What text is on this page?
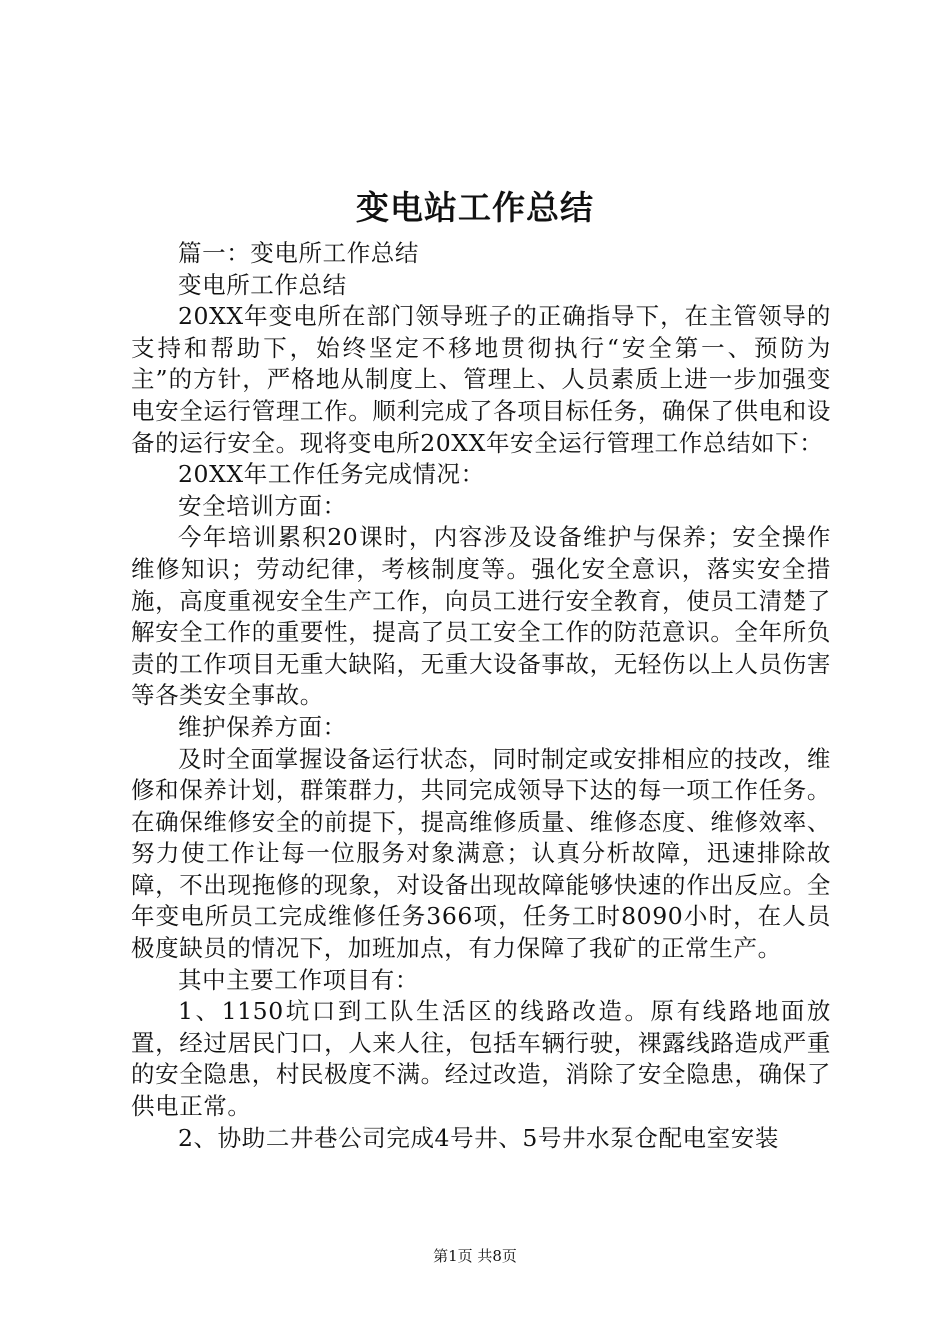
变电站工作总结

篇一：变电所工作总结

变电所工作总结

20XX年变电所在部门领导班子的正确指导下，在主管领导的支持和帮助下，始终坚定不移地贯彻执行“安全第一、预防为主”的方针，严格地从制度上、管理上、人员素质上进一步加强变电安全运行管理工作。顺利完成了各项目标任务，确保了供电和设备的运行安全。现将变电所20XX年安全运行管理工作总结如下：

20XX年工作任务完成情况：

安全培训方面：

今年培训累积20课时，内容涉及设备维护与保养；安全操作维修知识；劳动纪律，考核制度等。强化安全意识，落实安全措施，高度重视安全生产工作，向员工进行安全教育，使员工清楚了解安全工作的重要性，提高了员工安全工作的防范意识。全年所负责的工作项目无重大缺陷，无重大设备事故，无轻伤以上人员伤害等各类安全事故。

维护保养方面：

及时全面掌握设备运行状态，同时制定或安排相应的技改，维修和保养计划，群策群力，共同完成领导下达的每一项工作任务。在确保维修安全的前提下，提高维修质量、维修态度、维修效率、努力使工作让每一位服务对象满意；认真分析故障，迅速排除故障，不出现拖修的现象，对设备出现故障能够快速的作出反应。全年变电所员工完成维修任务366项，任务工时8090小时，在人员极度缺员的情况下，加班加点，有力保障了我矿的正常生产。

其中主要工作项目有：

1、1150坑口到工队生活区的线路改造。原有线路地面放置，经过居民门口，人来人往，包括车辆行驶，裸露线路造成严重的安全隐患，村民极度不满。经过改造，消除了安全隐患，确保了供电正常。

2、协助二井巷公司完成4号井、5号井水泵仓配电室安装

第1页 共8页
